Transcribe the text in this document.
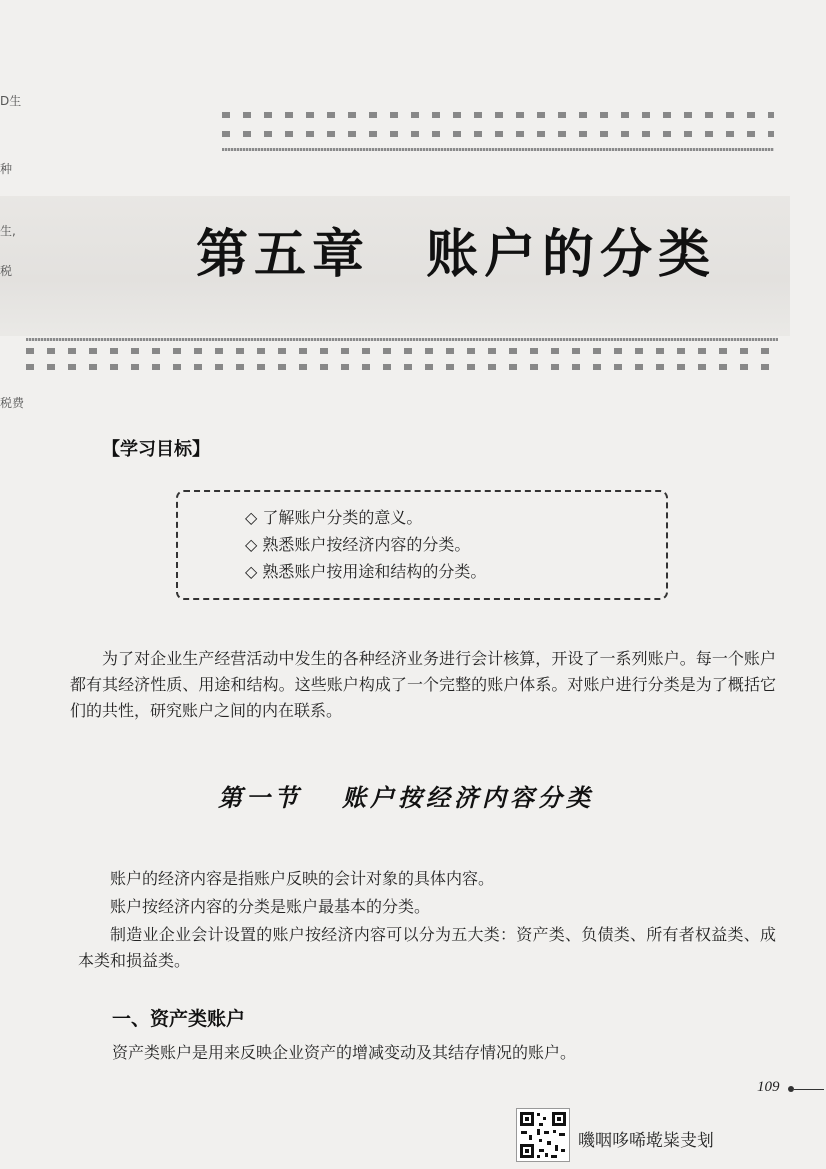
D生
种
生,
税
税费
第五章 账户的分类
【学习目标】
◇ 了解账户分类的意义。
◇ 熟悉账户按经济内容的分类。
◇ 熟悉账户按用途和结构的分类。

为了对企业生产经营活动中发生的各种经济业务进行会计核算，开设了一系列账户。每一个账户都有其经济性质、用途和结构。这些账户构成了一个完整的账户体系。对账户进行分类是为了概括它们的共性，研究账户之间的内在联系。

第一节 账户按经济内容分类

账户的经济内容是指账户反映的会计对象的具体内容。

账户按经济内容的分类是账户最基本的分类。

制造业企业会计设置的账户按经济内容可以分为五大类：资产类、负债类、所有者权益类、成本类和损益类。

一、资产类账户

资产类账户是用来反映企业资产的增减变动及其结存情况的账户。

109
嘰咽哆唏墘粊叏刬
